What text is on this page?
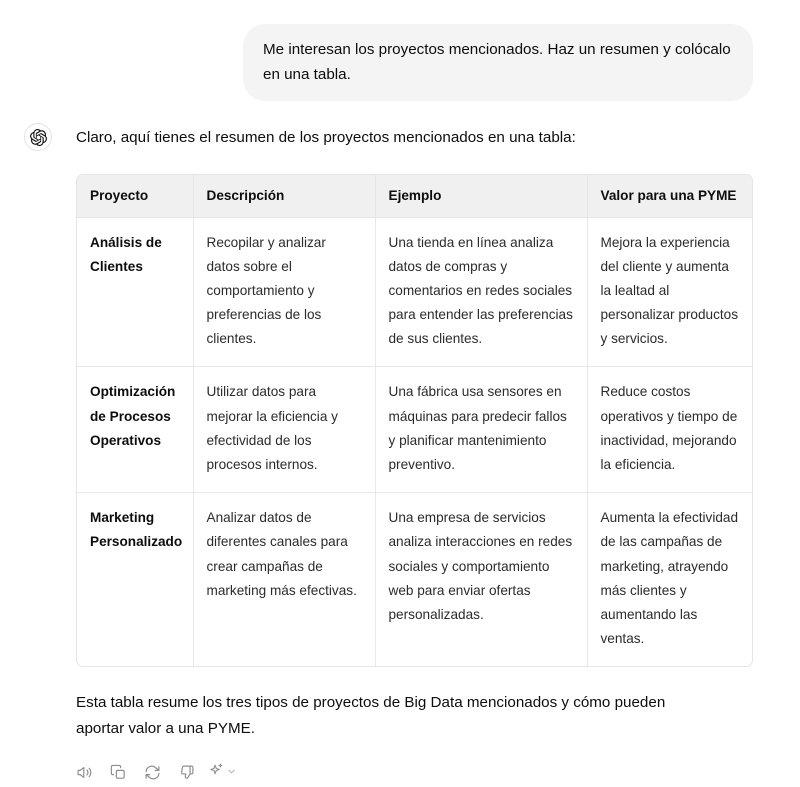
Me interesan los proyectos mencionados. Haz un resumen y colócalo en una tabla.

Claro, aquí tienes el resumen de los proyectos mencionados en una tabla:

Proyecto	Descripción	Ejemplo	Valor para una PYME
Análisis de Clientes	Recopilar y analizar datos sobre el comportamiento y preferencias de los clientes.	Una tienda en línea analiza datos de compras y comentarios en redes sociales para entender las preferencias de sus clientes.	Mejora la experiencia del cliente y aumenta la lealtad al personalizar productos y servicios.
Optimización de Procesos Operativos	Utilizar datos para mejorar la eficiencia y efectividad de los procesos internos.	Una fábrica usa sensores en máquinas para predecir fallos y planificar mantenimiento preventivo.	Reduce costos operativos y tiempo de inactividad, mejorando la eficiencia.
Marketing Personalizado	Analizar datos de diferentes canales para crear campañas de marketing más efectivas.	Una empresa de servicios analiza interacciones en redes sociales y comportamiento web para enviar ofertas personalizadas.	Aumenta la efectividad de las campañas de marketing, atrayendo más clientes y aumentando las ventas.

Esta tabla resume los tres tipos de proyectos de Big Data mencionados y cómo pueden aportar valor a una PYME.
